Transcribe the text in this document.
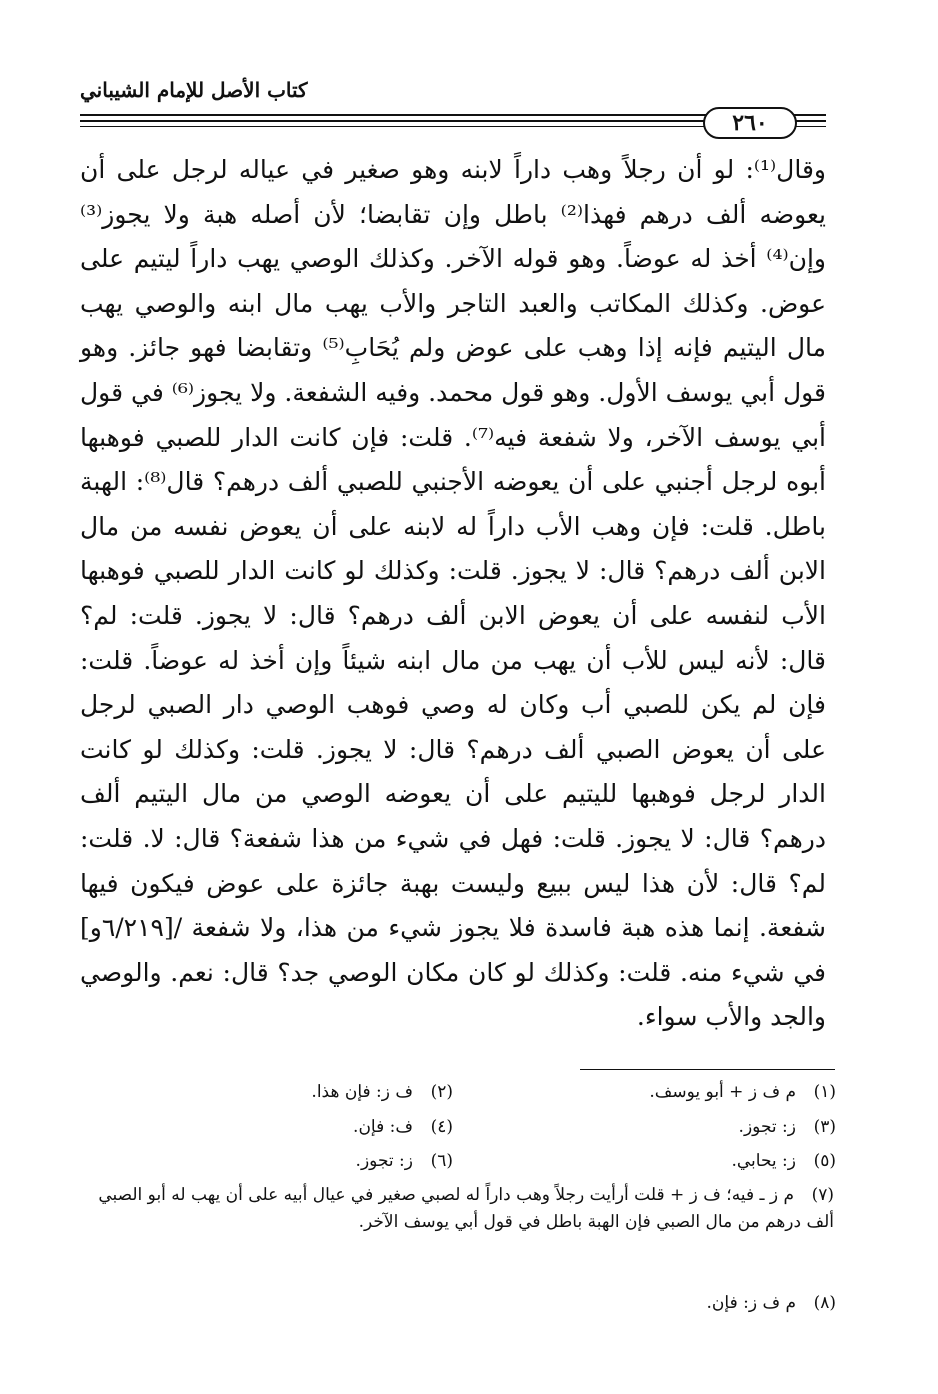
كتاب الأصل للإمام الشيباني
٢٦٠
وقال⁽¹⁾: لو أن رجلاً وهب داراً لابنه وهو صغير في عياله لرجل على أن يعوضه ألف درهم فهذا⁽²⁾ باطل وإن تقابضا؛ لأن أصله هبة ولا يجوز⁽³⁾ وإن⁽⁴⁾ أخذ له عوضاً. وهو قوله الآخر. وكذلك الوصي يهب داراً ليتيم على عوض. وكذلك المكاتب والعبد التاجر والأب يهب مال ابنه والوصي يهب مال اليتيم فإنه إذا وهب على عوض ولم يُحَابِ⁽⁵⁾ وتقابضا فهو جائز. وهو قول أبي يوسف الأول. وهو قول محمد. وفيه الشفعة. ولا يجوز⁽⁶⁾ في قول أبي يوسف الآخر، ولا شفعة فيه⁽⁷⁾. قلت: فإن كانت الدار للصبي فوهبها أبوه لرجل أجنبي على أن يعوضه الأجنبي للصبي ألف درهم؟ قال⁽⁸⁾: الهبة باطل. قلت: فإن وهب الأب داراً له لابنه على أن يعوض نفسه من مال الابن ألف درهم؟ قال: لا يجوز. قلت: وكذلك لو كانت الدار للصبي فوهبها الأب لنفسه على أن يعوض الابن ألف درهم؟ قال: لا يجوز. قلت: لم؟ قال: لأنه ليس للأب أن يهب من مال ابنه شيئاً وإن أخذ له عوضاً. قلت: فإن لم يكن للصبي أب وكان له وصي فوهب الوصي دار الصبي لرجل على أن يعوض الصبي ألف درهم؟ قال: لا يجوز. قلت: وكذلك لو كانت الدار لرجل فوهبها لليتيم على أن يعوضه الوصي من مال اليتيم ألف درهم؟ قال: لا يجوز. قلت: فهل في شيء من هذا شفعة؟ قال: لا. قلت: لم؟ قال: لأن هذا ليس ببيع وليست بهبة جائزة على عوض فيكون فيها شفعة. إنما هذه هبة فاسدة فلا يجوز شيء من هذا، ولا شفعة /[٦/٢١٩و] في شيء منه. قلت: وكذلك لو كان مكان الوصي جد؟ قال: نعم. والوصي والجد والأب سواء.
(١)م ف ز + أبو يوسف.
(٢)ف ز: فإن هذا.
(٣)ز: تجوز.
(٤)ف: فإن.
(٥)ز: يحابي.
(٦)ز: تجوز.
(٧)م ز ـ فيه؛ ف ز + قلت أرأيت رجلاً وهب داراً له لصبي صغير في عيال أبيه على أن يهب له أبو الصبي ألف درهم من مال الصبي فإن الهبة باطل في قول أبي يوسف الآخر.
(٨)م ف ز: فإن.
